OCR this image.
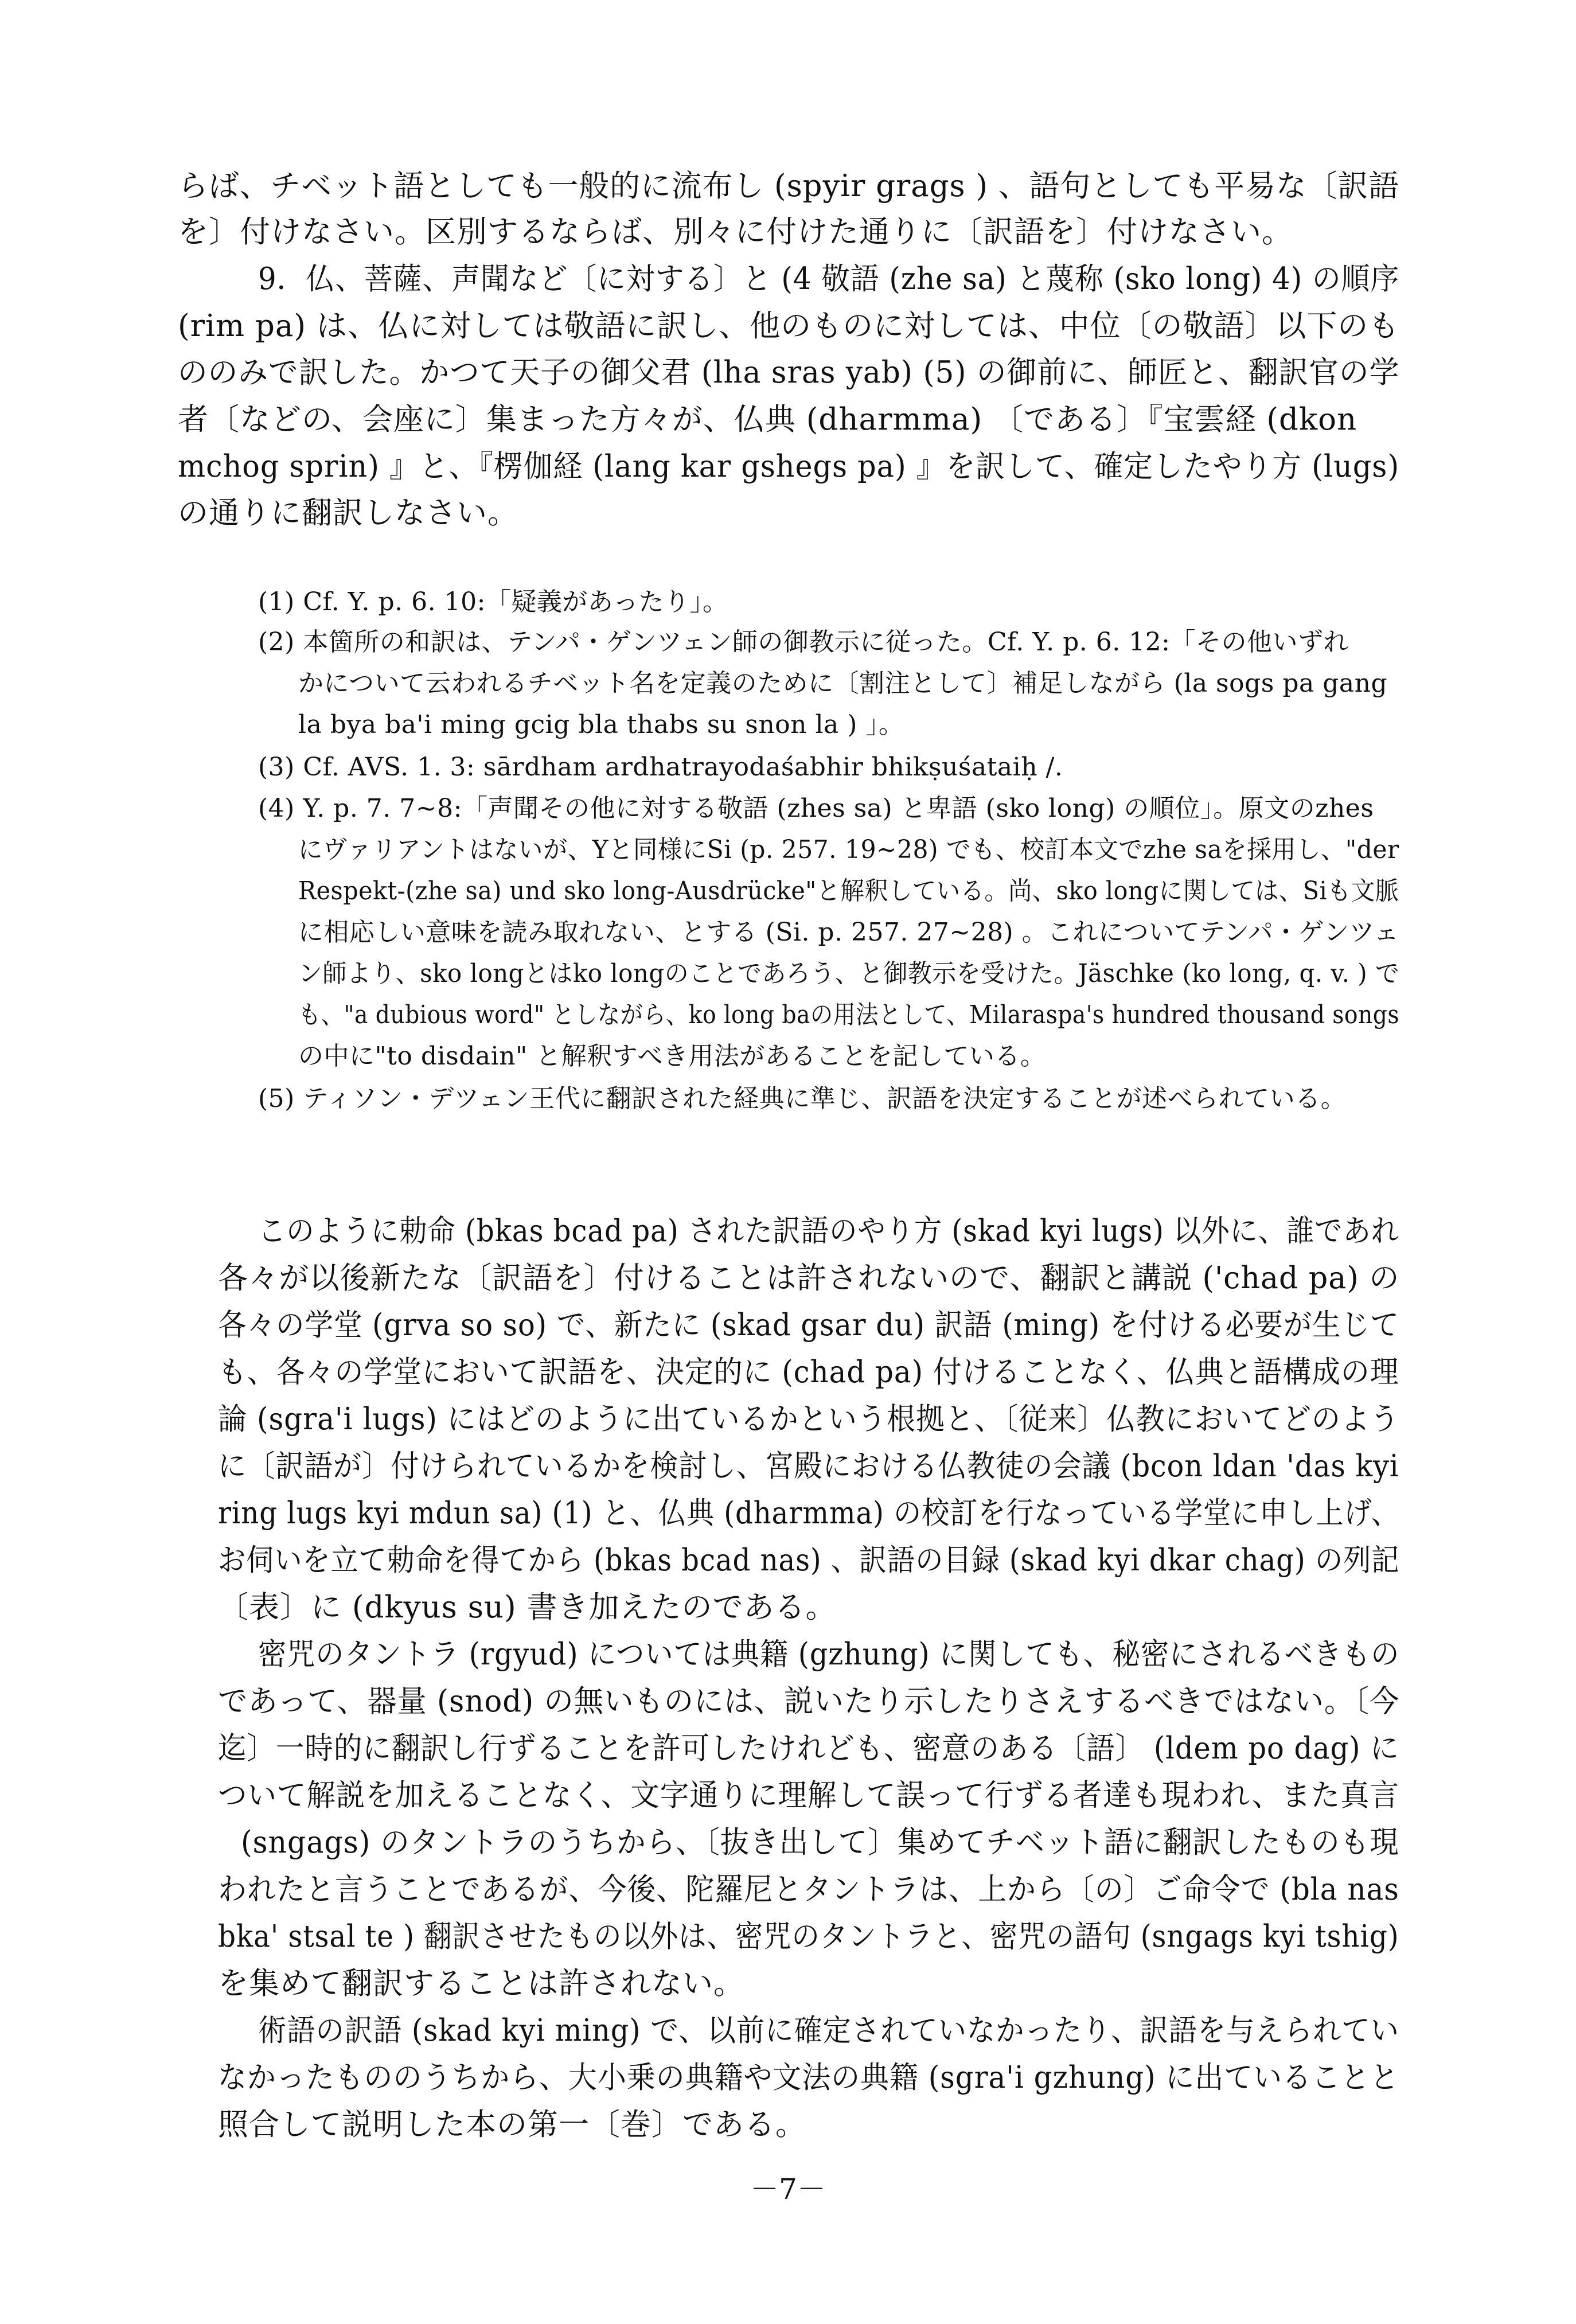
らば、チベット語としても一般的に流布し (spyir grags ) 、語句としても平易な〔訳語
を〕付けなさい。区別するならば、別々に付けた通りに〔訳語を〕付けなさい。
9．仏、菩薩、声聞など〔に対する〕と (4 敬語 (zhe sa) と蔑称 (sko long) 4) の順序
(rim pa) は、仏に対しては敬語に訳し、他のものに対しては、中位〔の敬語〕以下のも
ののみで訳した。かつて天子の御父君 (lha sras yab) (5) の御前に、師匠と、翻訳官の学
者〔などの、会座に〕集まった方々が、仏典 (dharmma) 〔である〕『宝雲経 (dkon
mchog sprin) 』と、『楞伽経 (lang kar gshegs pa) 』を訳して、確定したやり方 (lugs)
の通りに翻訳しなさい。
(1) Cf. Y. p. 6. 10:「疑義があったり」。
(2) 本箇所の和訳は、テンパ・ゲンツェン師の御教示に従った。Cf. Y. p. 6. 12:「その他いずれ
かについて云われるチベット名を定義のために〔割注として〕補足しながら (la sogs pa gang
la bya ba'i ming gcig bla thabs su snon la ) 」。
(3) Cf. AVS. 1. 3: sārdham ardhatrayodaśabhir bhikṣuśataiḥ /.
(4) Y. p. 7. 7~8:「声聞その他に対する敬語 (zhes sa) と卑語 (sko long) の順位」。原文のzhes
にヴァリアントはないが、Yと同様にSi (p. 257. 19~28) でも、校訂本文でzhe saを採用し、"der
Respekt-(zhe sa) und sko long-Ausdrücke"と解釈している。尚、sko longに関しては、Siも文脈
に相応しい意味を読み取れない、とする (Si. p. 257. 27~28) 。これについてテンパ・ゲンツェ
ン師より、sko longとはko longのことであろう、と御教示を受けた。Jäschke (ko long, q. v. ) で
も、"a dubious word" としながら、ko long baの用法として、Milaraspa's hundred thousand songs
の中に"to disdain" と解釈すべき用法があることを記している。
(5) ティソン・デツェン王代に翻訳された経典に準じ、訳語を決定することが述べられている。
このように勅命 (bkas bcad pa) された訳語のやり方 (skad kyi lugs) 以外に、誰であれ
各々が以後新たな〔訳語を〕付けることは許されないので、翻訳と講説 ('chad pa) の
各々の学堂 (grva so so) で、新たに (skad gsar du) 訳語 (ming) を付ける必要が生じて
も、各々の学堂において訳語を、決定的に (chad pa) 付けることなく、仏典と語構成の理
論 (sgra'i lugs) にはどのように出ているかという根拠と、〔従来〕仏教においてどのよう
に〔訳語が〕付けられているかを検討し、宮殿における仏教徒の会議 (bcon ldan 'das kyi
ring lugs kyi mdun sa) (1) と、仏典 (dharmma) の校訂を行なっている学堂に申し上げ、
お伺いを立て勅命を得てから (bkas bcad nas) 、訳語の目録 (skad kyi dkar chag) の列記
〔表〕に (dkyus su) 書き加えたのである。
密咒のタントラ (rgyud) については典籍 (gzhung) に関しても、秘密にされるべきもの
であって、器量 (snod) の無いものには、説いたり示したりさえするべきではない。〔今
迄〕一時的に翻訳し行ずることを許可したけれども、密意のある〔語〕 (ldem po dag) に
ついて解説を加えることなく、文字通りに理解して誤って行ずる者達も現われ、また真言
(sngags) のタントラのうちから、〔抜き出して〕集めてチベット語に翻訳したものも現
われたと言うことであるが、今後、陀羅尼とタントラは、上から〔の〕ご命令で (bla nas
bka' stsal te ) 翻訳させたもの以外は、密咒のタントラと、密咒の語句 (sngags kyi tshig)
を集めて翻訳することは許されない。
術語の訳語 (skad kyi ming) で、以前に確定されていなかったり、訳語を与えられてい
なかったもののうちから、大小乗の典籍や文法の典籍 (sgra'i gzhung) に出ていることと
照合して説明した本の第一〔巻〕である。
－7－
